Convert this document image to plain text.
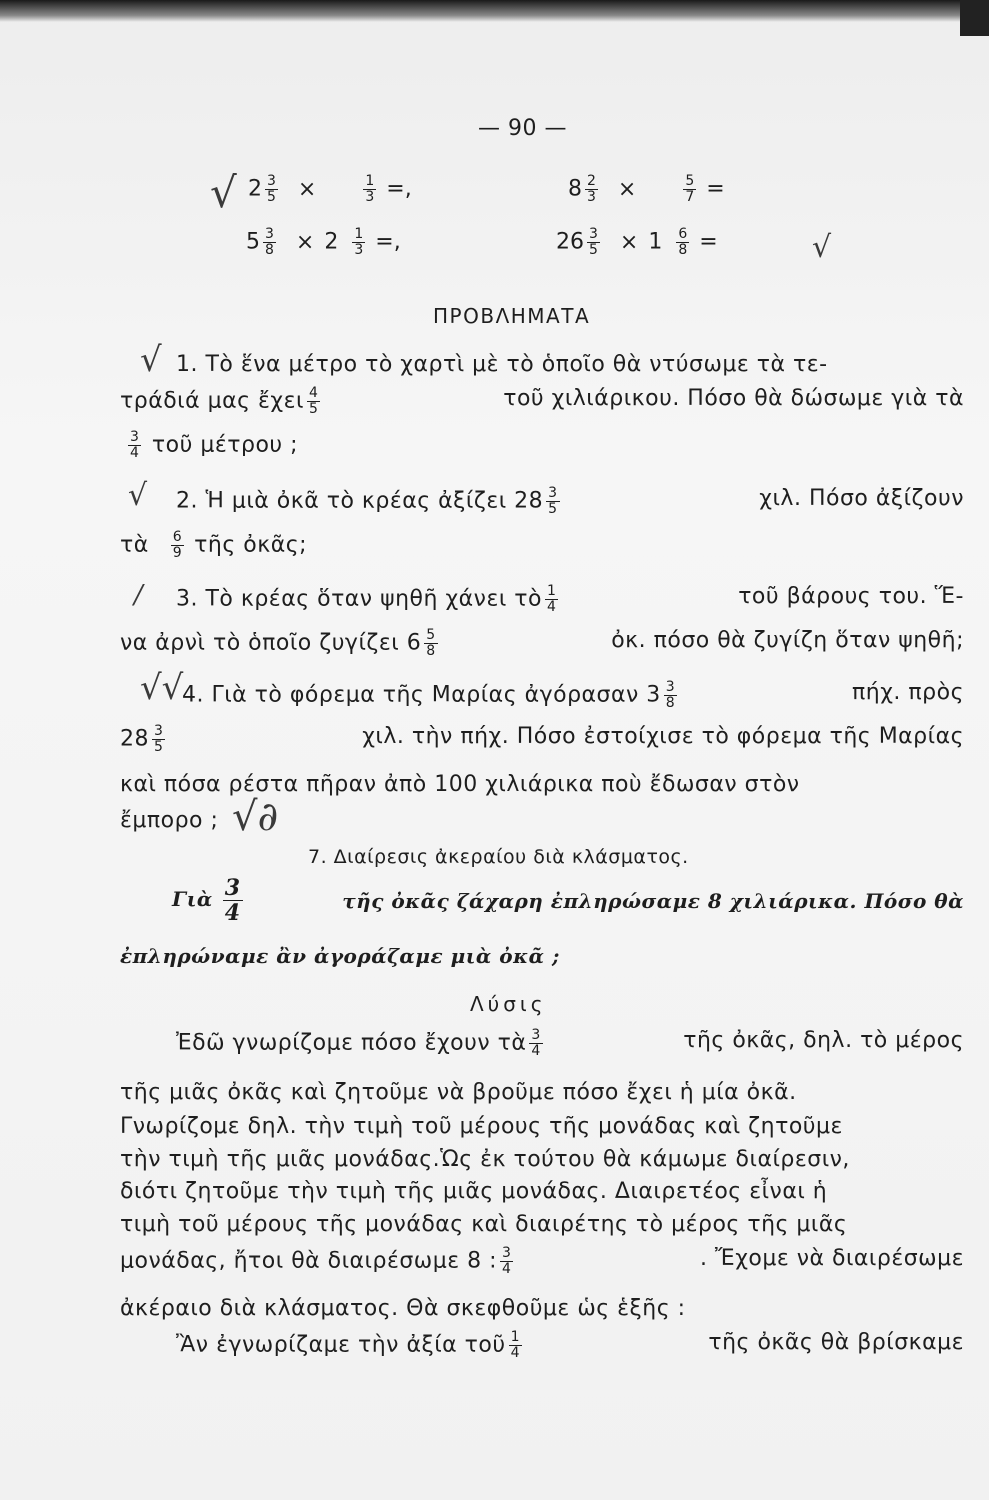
— 90 —
√ $2 \frac{3}{5}$ ×	$\frac{1}{3}$ =,	$8 \frac{2}{3}$ ×	$\frac{5}{7}$ =
$5 \frac{3}{8} \times 2 \frac{1}{3}$ =,	$26 \frac{3}{5} \times 1 \frac{6}{8}$ =	√
ΠΡΟΒΛΗΜΑΤΑ
√ 1. Τὸ ἕνα μέτρο τὸ χαρτὶ μὲ τὸ ὁποῖο θὰ ντύσωμε τὰ τε-
τράδιά μας ἔχει $\frac{4}{5}$	τοῦ χιλιάρικου. Πόσο θὰ δώσωμε γιὰ τὰ
$\frac{3}{4}$ τοῦ μέτρου ;
√ 2. Ἡ μιὰ ὀκᾶ τὸ κρέας ἀξίζει $28 \frac{3}{5}$	χιλ. Πόσο ἀξίζουν
τὰ $\frac{6}{9}$ τῆς ὀκᾶς;
/ 3. Τὸ κρέας ὅταν ψηθῆ χάνει τὸ $\frac{1}{4}$	τοῦ βάρους του. Ἕ-
να ἀρνὶ τὸ ὁποῖο ζυγίζει $6 \frac{5}{8}$	ὀκ. πόσο θὰ ζυγίζη ὅταν ψηθῆ;
√√
4. Γιὰ τὸ φόρεμα τῆς Μαρίας ἀγόρασαν $3 \frac{3}{8}$	πήχ. πρὸς
$28 \frac{3}{5}$	χιλ. τὴν πήχ. Πόσο ἐστοίχισε τὸ φόρεμα τῆς Μαρίας
καὶ πόσα ρέστα πῆραν ἀπὸ 100 χιλιάρικα ποὺ ἔδωσαν στὸν
ἔμπορο ; √∂
7. Διαίρεσις ἀκεραίου διὰ κλάσματος.
Γιὰ $\frac{3}{4}$	τῆς ὀκᾶς ζάχαρη ἐπληρώσαμε 8 χιλιάρικα. Πόσο θὰ
ἐπληρώναμε ἂν ἀγοράζαμε μιὰ ὀκᾶ ;
Λύσις
Ἐδῶ γνωρίζομε πόσο ἔχουν τὰ $\frac{3}{4}$	τῆς ὀκᾶς, δηλ. τὸ μέρος
τῆς μιᾶς ὀκᾶς καὶ ζητοῦμε νὰ βροῦμε πόσο ἔχει ἡ μία ὀκᾶ.
Γνωρίζομε δηλ. τὴν τιμὴ τοῦ μέρους τῆς μονάδας καὶ ζητοῦμε
τὴν τιμὴ τῆς μιᾶς μονάδας.Ὡς ἐκ τούτου θὰ κάμωμε διαίρεσιν,
διότι ζητοῦμε τὴν τιμὴ τῆς μιᾶς μονάδας. Διαιρετέος εἶναι ἡ
τιμὴ τοῦ μέρους τῆς μονάδας καὶ διαιρέτης τὸ μέρος τῆς μιᾶς
μονάδας, ἤτοι θὰ διαιρέσωμε 8 : $\frac{3}{4}$	. Ἔχομε νὰ διαιρέσωμε
ἀκέραιο διὰ κλάσματος. Θὰ σκεφθοῦμε ὡς ἑξῆς :
Ἂν ἐγνωρίζαμε τὴν ἀξία τοῦ $\frac{1}{4}$	τῆς ὀκᾶς θὰ βρίσκαμε
